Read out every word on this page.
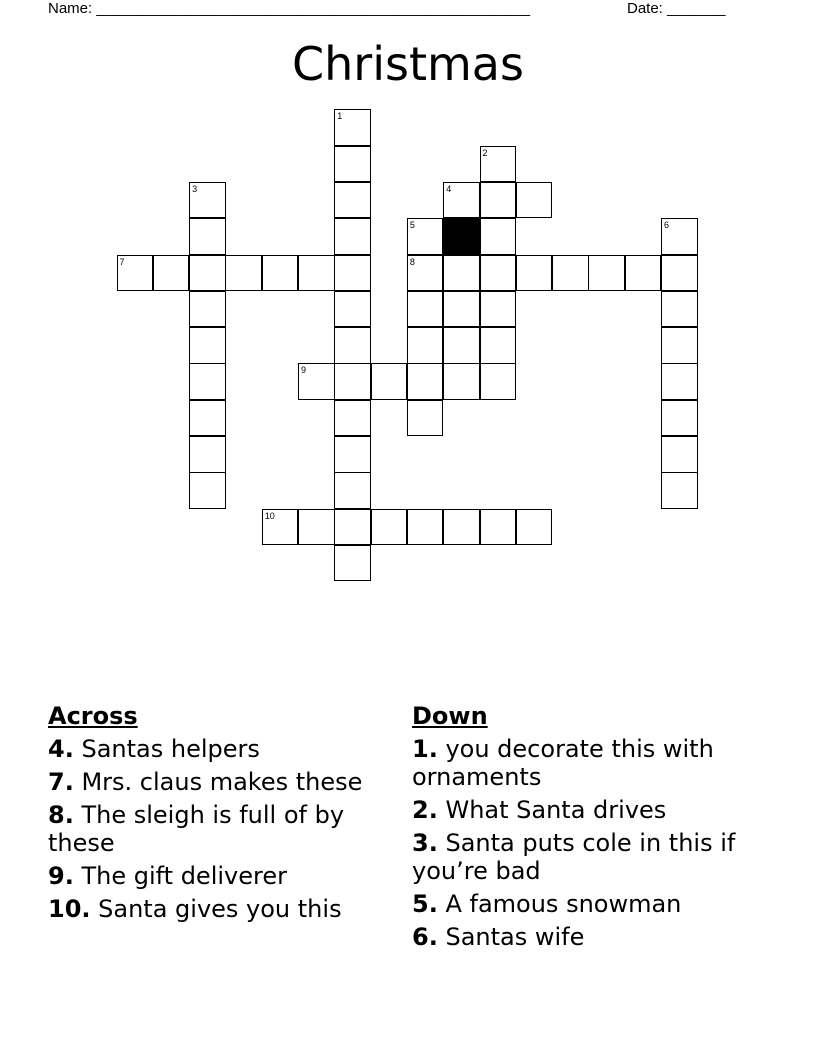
Name: ____________________________________________________	Date: _______
Christmas
1
2
3	4
5	6
7
9
10
8
Across
4. Santas helpers
7. Mrs. claus makes these
8. The sleigh is full of by these
9. The gift deliverer
10. Santa gives you this
Down
1. you decorate this with ornaments
2. What Santa drives
3. Santa puts cole in this if you’re bad
5. A famous snowman
6. Santas wife
